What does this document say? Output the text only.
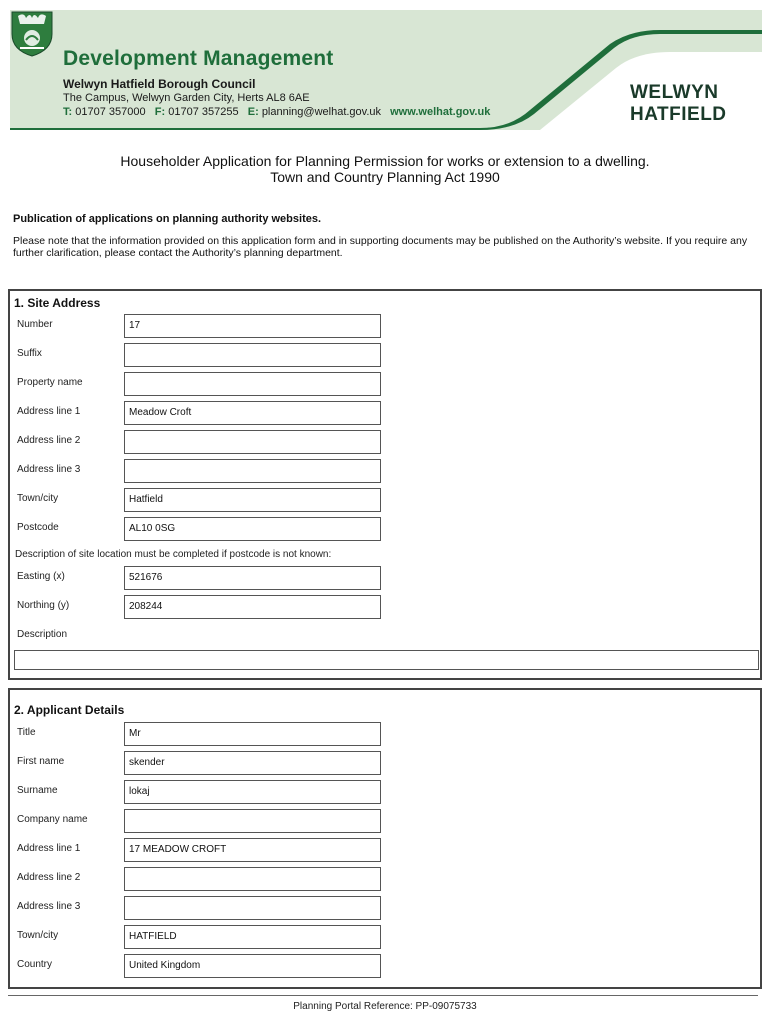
Development Management
Welwyn Hatfield Borough Council
The Campus, Welwyn Garden City, Herts AL8 6AE
T: 01707 357000 F: 01707 357255 E: planning@welhat.gov.uk www.welhat.gov.uk
WELWYN
HATFIELD
Householder Application for Planning Permission for works or extension to a dwelling.
Town and Country Planning Act 1990
Publication of applications on planning authority websites.
Please note that the information provided on this application form and in supporting documents may be published on the Authority’s website. If you require any further clarification, please contact the Authority’s planning department.
1. Site Address
Number	17
Suffix
Property name
Address line 1	Meadow Croft
Address line 2
Address line 3
Town/city	Hatfield
Postcode	AL10 0SG
Description of site location must be completed if postcode is not known:
Easting (x)	521676
Northing (y)	208244
Description
2. Applicant Details
Title	Mr
First name	skender
Surname	lokaj
Company name
Address line 1	17 MEADOW CROFT
Address line 2
Address line 3
Town/city	HATFIELD
Country	United Kingdom
Planning Portal Reference: PP-09075733
